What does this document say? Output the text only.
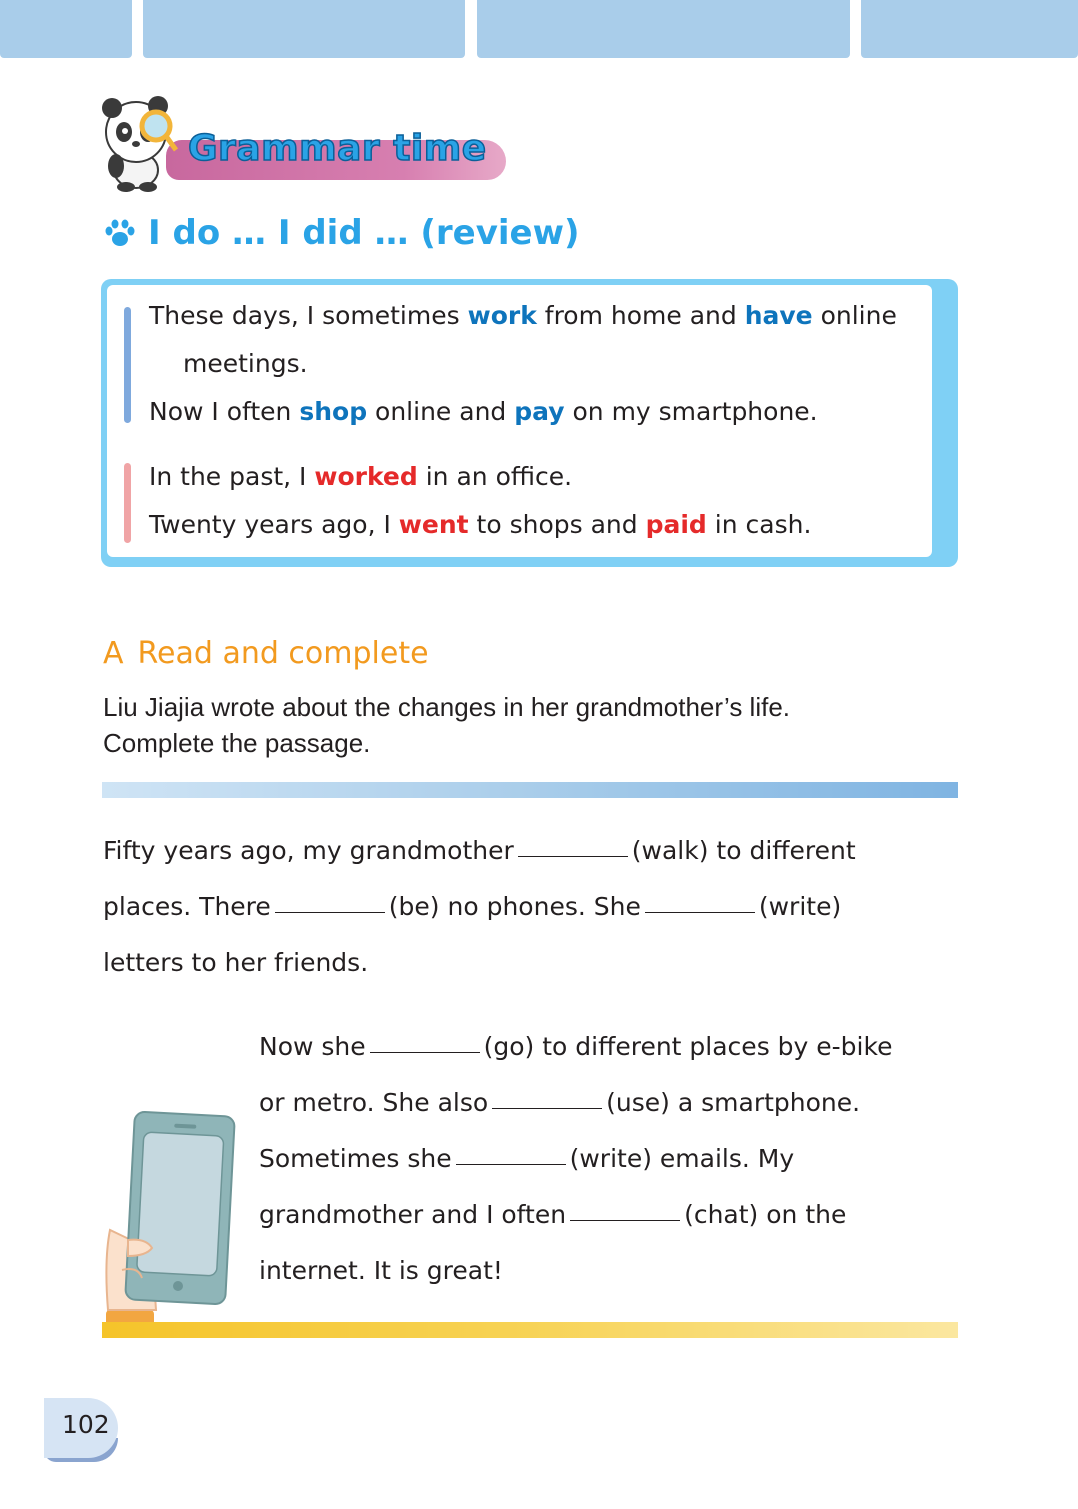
Grammar time
I do … I did … (review)
These days, I sometimes work from home and have online
meetings.
Now I often shop online and pay on my smartphone.
In the past, I worked in an office.
Twenty years ago, I went to shops and paid in cash.
A Read and complete
Liu Jiajia wrote about the changes in her grandmother’s life.
Complete the passage.
Fifty years ago, my grandmother	(walk) to different
places. There	(be) no phones. She	(write)
letters to her friends.
Now she	(go) to different places by e-bike
or metro. She also	(use) a smartphone.
Sometimes she	(write) emails. My
grandmother and I often	(chat) on the
internet. It is great!
102
